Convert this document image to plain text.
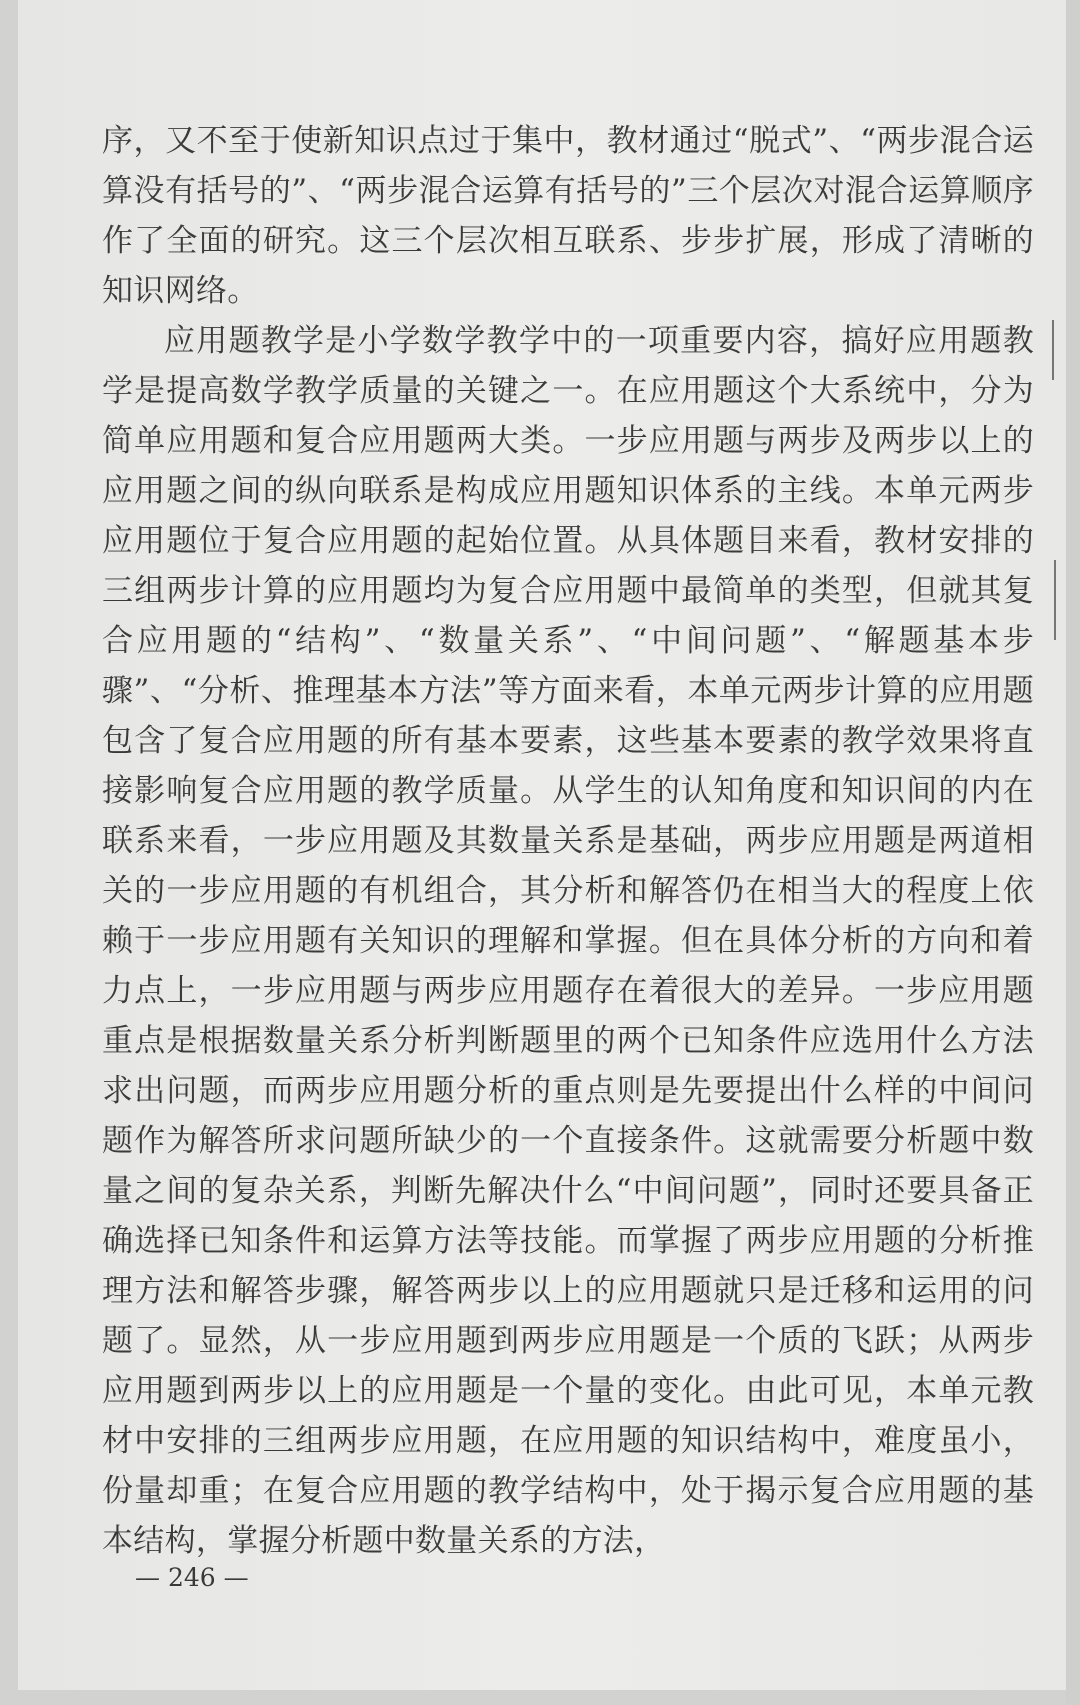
序，又不至于使新知识点过于集中，教材通过“脱式”、“两步混合运算没有括号的”、“两步混合运算有括号的”三个层次对混合运算顺序作了全面的研究。这三个层次相互联系、步步扩展，形成了清晰的知识网络。

应用题教学是小学数学教学中的一项重要内容，搞好应用题教学是提高数学教学质量的关键之一。在应用题这个大系统中，分为简单应用题和复合应用题两大类。一步应用题与两步及两步以上的应用题之间的纵向联系是构成应用题知识体系的主线。本单元两步应用题位于复合应用题的起始位置。从具体题目来看，教材安排的三组两步计算的应用题均为复合应用题中最简单的类型，但就其复合应用题的“结构”、“数量关系”、“中间问题”、“解题基本步骤”、“分析、推理基本方法”等方面来看，本单元两步计算的应用题包含了复合应用题的所有基本要素，这些基本要素的教学效果将直接影响复合应用题的教学质量。从学生的认知角度和知识间的内在联系来看，一步应用题及其数量关系是基础，两步应用题是两道相关的一步应用题的有机组合，其分析和解答仍在相当大的程度上依赖于一步应用题有关知识的理解和掌握。但在具体分析的方向和着力点上，一步应用题与两步应用题存在着很大的差异。一步应用题重点是根据数量关系分析判断题里的两个已知条件应选用什么方法求出问题，而两步应用题分析的重点则是先要提出什么样的中间问题作为解答所求问题所缺少的一个直接条件。这就需要分析题中数量之间的复杂关系，判断先解决什么“中间问题”，同时还要具备正确选择已知条件和运算方法等技能。而掌握了两步应用题的分析推理方法和解答步骤，解答两步以上的应用题就只是迁移和运用的问题了。显然，从一步应用题到两步应用题是一个质的飞跃；从两步应用题到两步以上的应用题是一个量的变化。由此可见，本单元教材中安排的三组两步应用题，在应用题的知识结构中，难度虽小，份量却重；在复合应用题的教学结构中，处于揭示复合应用题的基本结构，掌握分析题中数量关系的方法，

— 246 —
